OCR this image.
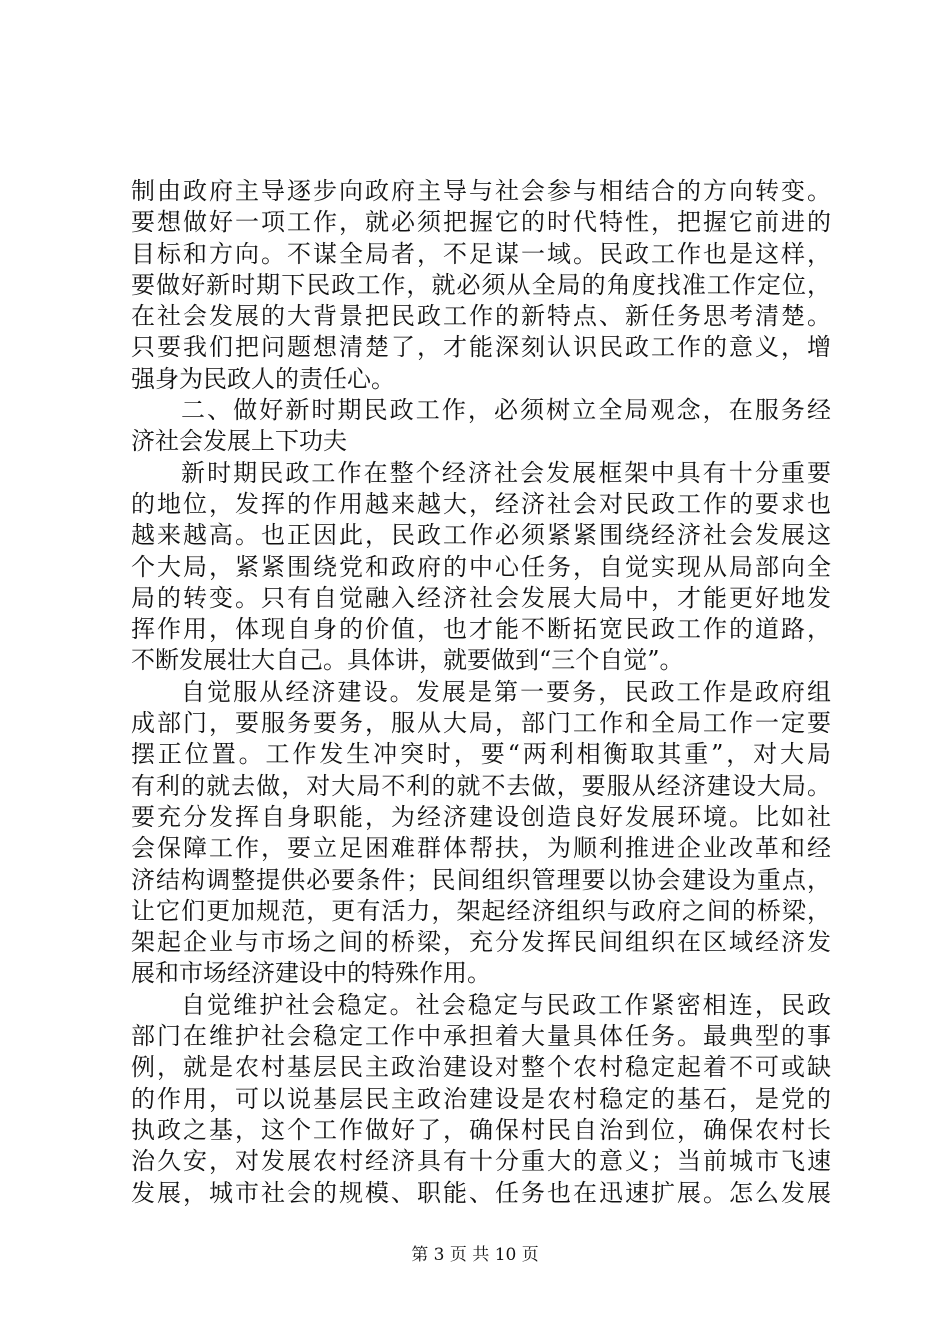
制由政府主导逐步向政府主导与社会参与相结合的方向转变。
要想做好一项工作，就必须把握它的时代特性，把握它前进的
目标和方向。不谋全局者，不足谋一域。民政工作也是这样，
要做好新时期下民政工作，就必须从全局的角度找准工作定位，
在社会发展的大背景把民政工作的新特点、新任务思考清楚。
只要我们把问题想清楚了，才能深刻认识民政工作的意义，增
强身为民政人的责任心。
二、做好新时期民政工作，必须树立全局观念，在服务经
济社会发展上下功夫
新时期民政工作在整个经济社会发展框架中具有十分重要
的地位，发挥的作用越来越大，经济社会对民政工作的要求也
越来越高。也正因此，民政工作必须紧紧围绕经济社会发展这
个大局，紧紧围绕党和政府的中心任务，自觉实现从局部向全
局的转变。只有自觉融入经济社会发展大局中，才能更好地发
挥作用，体现自身的价值，也才能不断拓宽民政工作的道路，
不断发展壮大自己。具体讲，就要做到“三个自觉”。
自觉服从经济建设。发展是第一要务，民政工作是政府组
成部门，要服务要务，服从大局，部门工作和全局工作一定要
摆正位置。工作发生冲突时，要“两利相衡取其重”，对大局
有利的就去做，对大局不利的就不去做，要服从经济建设大局。
要充分发挥自身职能，为经济建设创造良好发展环境。比如社
会保障工作，要立足困难群体帮扶，为顺利推进企业改革和经
济结构调整提供必要条件；民间组织管理要以协会建设为重点，
让它们更加规范，更有活力，架起经济组织与政府之间的桥梁，
架起企业与市场之间的桥梁，充分发挥民间组织在区域经济发
展和市场经济建设中的特殊作用。
自觉维护社会稳定。社会稳定与民政工作紧密相连，民政
部门在维护社会稳定工作中承担着大量具体任务。最典型的事
例，就是农村基层民主政治建设对整个农村稳定起着不可或缺
的作用，可以说基层民主政治建设是农村稳定的基石，是党的
执政之基，这个工作做好了，确保村民自治到位，确保农村长
治久安，对发展农村经济具有十分重大的意义；当前城市飞速
发展，城市社会的规模、职能、任务也在迅速扩展。怎么发展
第 3 页 共 10 页
